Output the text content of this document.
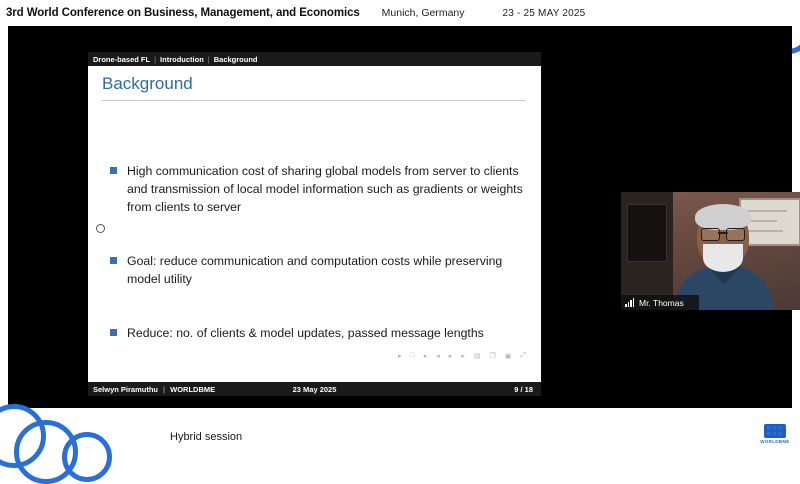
3rd World Conference on Business, Management, and Economics Munich, Germany	23 - 25 MAY 2025
Drone-based FL | Introduction | Background
Background
High communication cost of sharing global models from server to clients and transmission of local model information such as gradients or weights from clients to server
Goal: reduce communication and computation costs while preserving model utility
Reduce: no. of clients & model updates, passed message lengths
▸ □ ▸ ◂ ▸ ▸ ▤ ❐ ▣ ⤢
Selwyn Piramuthu | WORLDBME	23 May 2025	9 / 18
Mr. Thomas
Hybrid session	WORLDBME
